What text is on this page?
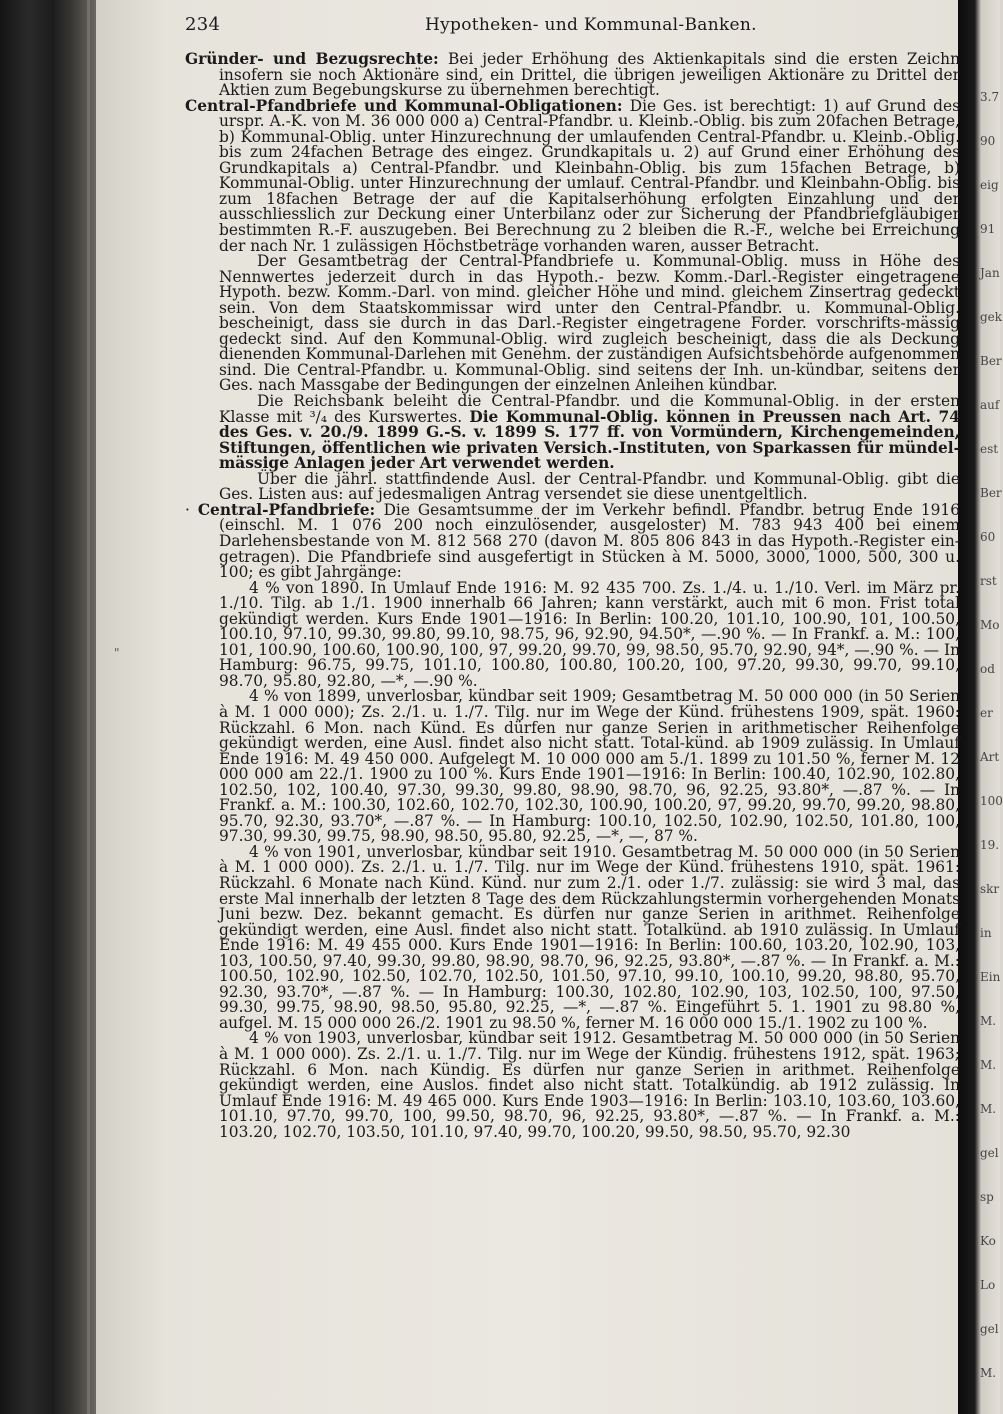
3.7
90
eig
91
Jan
gek
Ber
auf
est
Ber
60
rst
Mo
od
er
Art
100
19.
skr
in
Ein
M.
M.
M.
gel
sp
Ko
Lo
gel
M.
"
234	Hypotheken- und Kommunal-Banken.

Gründer- und Bezugsrechte: Bei jeder Erhöhung des Aktienkapitals sind die ersten Zeichn insofern sie noch Aktionäre sind, ein Drittel, die übrigen jeweiligen Aktionäre zu Drittel der Aktien zum Begebungskurse zu übernehmen berechtigt.

Central-Pfandbriefe und Kommunal-Obligationen: Die Ges. ist berechtigt: 1) auf Grund des urspr. A.-K. von M. 36 000 000 a) Central-Pfandbr. u. Kleinb.-Oblig. bis zum 20fachen Betrage, b) Kommunal-Oblig. unter Hinzurechnung der umlaufenden Central-Pfandbr. u. Kleinb.-Oblig. bis zum 24fachen Betrage des eingez. Grundkapitals u. 2) auf Grund einer Erhöhung des Grundkapitals a) Central-Pfandbr. und Kleinbahn-Oblig. bis zum 15fachen Betrage, b) Kommunal-Oblig. unter Hinzurechnung der umlauf. Central-Pfandbr. und Kleinbahn-Oblig. bis zum 18fachen Betrage der auf die Kapitalserhöhung erfolgten Einzahlung und der ausschliesslich zur Deckung einer Unterbilanz oder zur Sicherung der Pfandbriefgläubiger bestimmten R.-F. auszugeben. Bei Berechnung zu 2 bleiben die R.-F., welche bei Erreichung der nach Nr. 1 zulässigen Höchstbeträge vorhanden waren, ausser Betracht.

Der Gesamtbetrag der Central-Pfandbriefe u. Kommunal-Oblig. muss in Höhe des Nennwertes jederzeit durch in das Hypoth.- bezw. Komm.-Darl.-Register eingetragene Hypoth. bezw. Komm.-Darl. von mind. gleicher Höhe und mind. gleichem Zinsertrag gedeckt sein. Von dem Staatskommissar wird unter den Central-Pfandbr. u. Kommunal-Oblig. bescheinigt, dass sie durch in das Darl.-Register eingetragene Forder. vorschrifts-mässig gedeckt sind. Auf den Kommunal-Oblig. wird zugleich bescheinigt, dass die als Deckung dienenden Kommunal-Darlehen mit Genehm. der zuständigen Aufsichtsbehörde aufgenommen sind. Die Central-Pfandbr. u. Kommunal-Oblig. sind seitens der Inh. un-kündbar, seitens der Ges. nach Massgabe der Bedingungen der einzelnen Anleihen kündbar.

Die Reichsbank beleiht die Central-Pfandbr. und die Kommunal-Oblig. in der ersten Klasse mit ³/₄ des Kurswertes. Die Kommunal-Oblig. können in Preussen nach Art. 74 des Ges. v. 20./9. 1899 G.-S. v. 1899 S. 177 ff. von Vormündern, Kirchengemeinden, Stiftungen, öffentlichen wie privaten Versich.-Instituten, von Sparkassen für mündel-mässige Anlagen jeder Art verwendet werden.

Über die jährl. stattfindende Ausl. der Central-Pfandbr. und Kommunal-Oblig. gibt die Ges. Listen aus: auf jedesmaligen Antrag versendet sie diese unentgeltlich.

· Central-Pfandbriefe: Die Gesamtsumme der im Verkehr befindl. Pfandbr. betrug Ende 1916 (einschl. M. 1 076 200 noch einzulösender, ausgeloster) M. 783 943 400 bei einem Darlehensbestande von M. 812 568 270 (davon M. 805 806 843 in das Hypoth.-Register ein-getragen). Die Pfandbriefe sind ausgefertigt in Stücken à M. 5000, 3000, 1000, 500, 300 u. 100; es gibt Jahrgänge:

4 % von 1890. In Umlauf Ende 1916: M. 92 435 700. Zs. 1./4. u. 1./10. Verl. im März pr. 1./10. Tilg. ab 1./1. 1900 innerhalb 66 Jahren; kann verstärkt, auch mit 6 mon. Frist total gekündigt werden. Kurs Ende 1901—1916: In Berlin: 100.20, 101.10, 100.90, 101, 100.50, 100.10, 97.10, 99.30, 99.80, 99.10, 98.75, 96, 92.90, 94.50*, —.90 %. — In Frankf. a. M.: 100, 101, 100.90, 100.60, 100.90, 100, 97, 99.20, 99.70, 99, 98.50, 95.70, 92.90, 94*, —.90 %. — In Hamburg: 96.75, 99.75, 101.10, 100.80, 100.80, 100.20, 100, 97.20, 99.30, 99.70, 99.10, 98.70, 95.80, 92.80, —*, —.90 %.

4 % von 1899, unverlosbar, kündbar seit 1909; Gesamtbetrag M. 50 000 000 (in 50 Serien à M. 1 000 000); Zs. 2./1. u. 1./7. Tilg. nur im Wege der Künd. frühestens 1909, spät. 1960: Rückzahl. 6 Mon. nach Künd. Es dürfen nur ganze Serien in arithmetischer Reihenfolge gekündigt werden, eine Ausl. findet also nicht statt. Total-künd. ab 1909 zulässig. In Umlauf Ende 1916: M. 49 450 000. Aufgelegt M. 10 000 000 am 5./1. 1899 zu 101.50 %, ferner M. 12 000 000 am 22./1. 1900 zu 100 %. Kurs Ende 1901—1916: In Berlin: 100.40, 102.90, 102.80, 102.50, 102, 100.40, 97.30, 99.30, 99.80, 98.90, 98.70, 96, 92.25, 93.80*, —.87 %. — In Frankf. a. M.: 100.30, 102.60, 102.70, 102.30, 100.90, 100.20, 97, 99.20, 99.70, 99.20, 98.80, 95.70, 92.30, 93.70*, —.87 %. — In Hamburg: 100.10, 102.50, 102.90, 102.50, 101.80, 100, 97.30, 99.30, 99.75, 98.90, 98.50, 95.80, 92.25, —*, —, 87 %.

4 % von 1901, unverlosbar, kündbar seit 1910. Gesamtbetrag M. 50 000 000 (in 50 Serien à M. 1 000 000). Zs. 2./1. u. 1./7. Tilg. nur im Wege der Künd. frühestens 1910, spät. 1961: Rückzahl. 6 Monate nach Künd. Künd. nur zum 2./1. oder 1./7. zulässig: sie wird 3 mal, das erste Mal innerhalb der letzten 8 Tage des dem Rückzahlungstermin vorhergehenden Monats Juni bezw. Dez. bekannt gemacht. Es dürfen nur ganze Serien in arithmet. Reihenfolge gekündigt werden, eine Ausl. findet also nicht statt. Totalkünd. ab 1910 zulässig. In Umlauf Ende 1916: M. 49 455 000. Kurs Ende 1901—1916: In Berlin: 100.60, 103.20, 102.90, 103, 103, 100.50, 97.40, 99.30, 99.80, 98.90, 98.70, 96, 92.25, 93.80*, —.87 %. — In Frankf. a. M.: 100.50, 102.90, 102.50, 102.70, 102.50, 101.50, 97.10, 99.10, 100.10, 99.20, 98.80, 95.70, 92.30, 93.70*, —.87 %. — In Hamburg: 100.30, 102.80, 102.90, 103, 102.50, 100, 97.50, 99.30, 99.75, 98.90, 98.50, 95.80, 92.25, —*, —.87 %. Eingeführt 5. 1. 1901 zu 98.80 %, aufgel. M. 15 000 000 26./2. 1901 zu 98.50 %, ferner M. 16 000 000 15./1. 1902 zu 100 %.

4 % von 1903, unverlosbar, kündbar seit 1912. Gesamtbetrag M. 50 000 000 (in 50 Serien à M. 1 000 000). Zs. 2./1. u. 1./7. Tilg. nur im Wege der Kündig. frühestens 1912, spät. 1963; Rückzahl. 6 Mon. nach Kündig. Es dürfen nur ganze Serien in arithmet. Reihenfolge gekündigt werden, eine Auslos. findet also nicht statt. Totalkündig. ab 1912 zulässig. In Umlauf Ende 1916: M. 49 465 000. Kurs Ende 1903—1916: In Berlin: 103.10, 103.60, 103.60, 101.10, 97.70, 99.70, 100, 99.50, 98.70, 96, 92.25, 93.80*, —.87 %. — In Frankf. a. M.: 103.20, 102.70, 103.50, 101.10, 97.40, 99.70, 100.20, 99.50, 98.50, 95.70, 92.30
